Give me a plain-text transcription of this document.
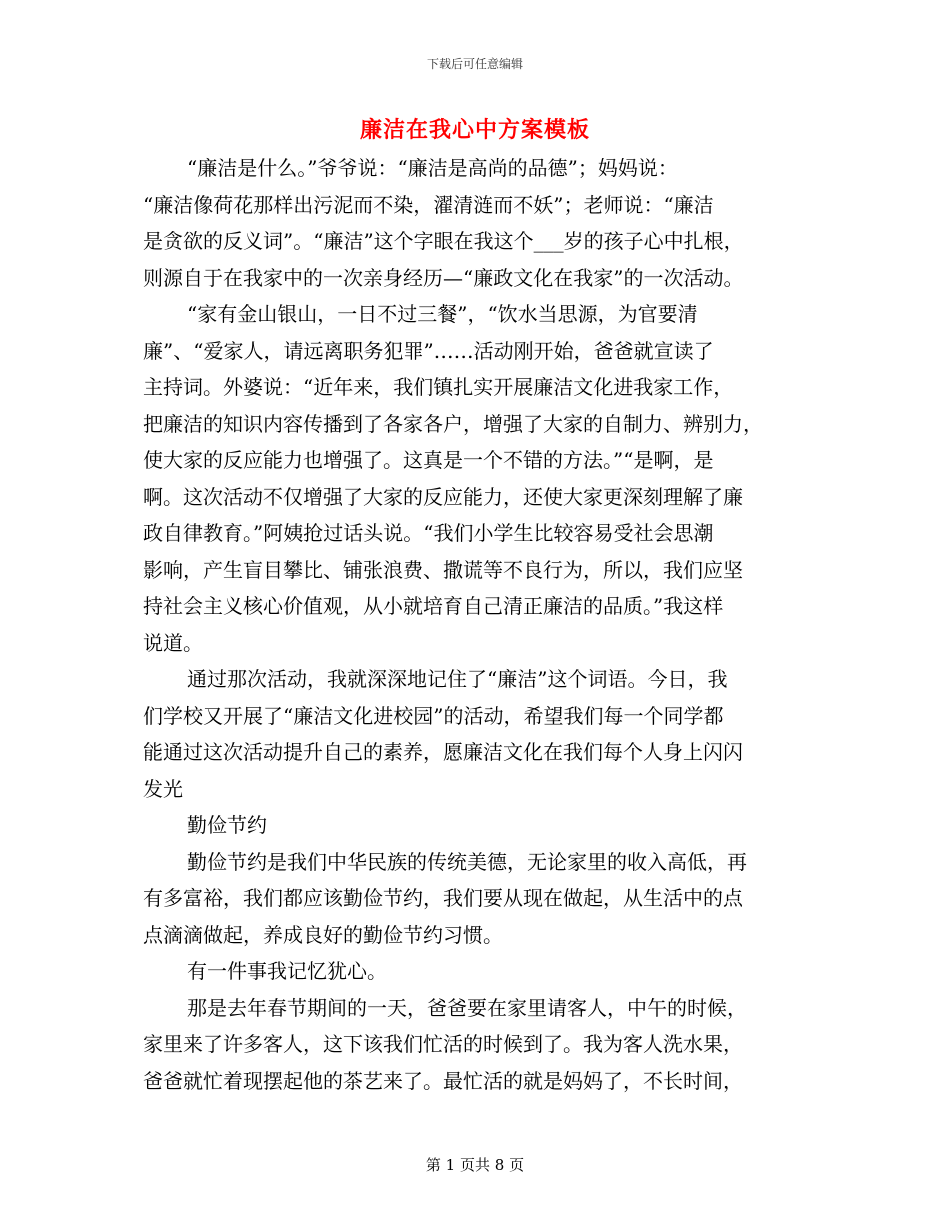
下载后可任意编辑
廉洁在我心中方案模板
“廉洁是什么。”爷爷说：“廉洁是高尚的品德”；妈妈说：
“廉洁像荷花那样出污泥而不染，濯清涟而不妖”；老师说：“廉洁
是贪欲的反义词”。“廉洁”这个字眼在我这个___岁的孩子心中扎根，
则源自于在我家中的一次亲身经历—“廉政文化在我家”的一次活动。
“家有金山银山，一日不过三餐”，“饮水当思源，为官要清
廉”、“爱家人，请远离职务犯罪”……活动刚开始，爸爸就宣读了
主持词。外婆说：“近年来，我们镇扎实开展廉洁文化进我家工作，
把廉洁的知识内容传播到了各家各户，增强了大家的自制力、辨别力，
使大家的反应能力也增强了。这真是一个不错的方法。”“是啊，是
啊。这次活动不仅增强了大家的反应能力，还使大家更深刻理解了廉
政自律教育。”阿姨抢过话头说。“我们小学生比较容易受社会思潮
影响，产生盲目攀比、铺张浪费、撒谎等不良行为，所以，我们应坚
持社会主义核心价值观，从小就培育自己清正廉洁的品质。”我这样
说道。
通过那次活动，我就深深地记住了“廉洁”这个词语。今日，我
们学校又开展了“廉洁文化进校园”的活动，希望我们每一个同学都
能通过这次活动提升自己的素养，愿廉洁文化在我们每个人身上闪闪
发光
勤俭节约
勤俭节约是我们中华民族的传统美德，无论家里的收入高低，再
有多富裕，我们都应该勤俭节约，我们要从现在做起，从生活中的点
点滴滴做起，养成良好的勤俭节约习惯。
有一件事我记忆犹心。
那是去年春节期间的一天，爸爸要在家里请客人，中午的时候，
家里来了许多客人，这下该我们忙活的时候到了。我为客人洗水果，
爸爸就忙着现摆起他的茶艺来了。最忙活的就是妈妈了，不长时间，
第 1 页共 8 页
